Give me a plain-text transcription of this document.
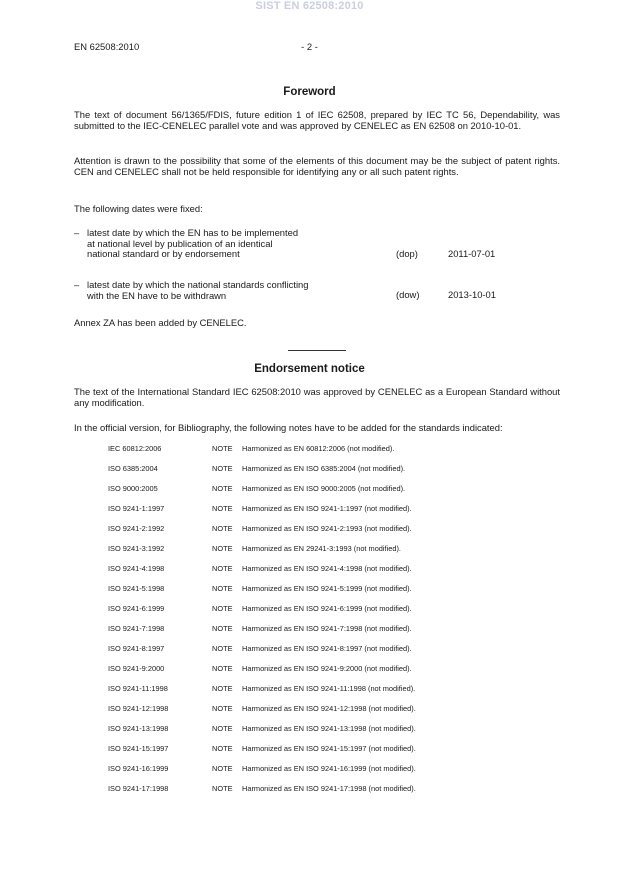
SIST EN 62508:2010
EN 62508:2010	- 2 -
Foreword
The text of document 56/1365/FDIS, future edition 1 of IEC 62508, prepared by IEC TC 56, Dependability, was submitted to the IEC-CENELEC parallel vote and was approved by CENELEC as EN 62508 on 2010-10-01.
Attention is drawn to the possibility that some of the elements of this document may be the subject of patent rights. CEN and CENELEC shall not be held responsible for identifying any or all such patent rights.
The following dates were fixed:
– latest date by which the EN has to be implemented
at national level by publication of an identical
national standard or by endorsement	(dop)	2011-07-01
– latest date by which the national standards conflicting
with the EN have to be withdrawn	(dow)	2013-10-01
Annex ZA has been added by CENELEC.
Endorsement notice
The text of the International Standard IEC 62508:2010 was approved by CENELEC as a European Standard without any modification.
In the official version, for Bibliography, the following notes have to be added for the standards indicated:
IEC 60812:2006	NOTE Harmonized as EN 60812:2006 (not modified).
ISO 6385:2004	NOTE Harmonized as EN ISO 6385:2004 (not modified).
ISO 9000:2005	NOTE Harmonized as EN ISO 9000:2005 (not modified).
ISO 9241-1:1997	NOTE Harmonized as EN ISO 9241-1:1997 (not modified).
ISO 9241-2:1992	NOTE Harmonized as EN ISO 9241-2:1993 (not modified).
ISO 9241-3:1992	NOTE Harmonized as EN 29241-3:1993 (not modified).
ISO 9241-4:1998	NOTE Harmonized as EN ISO 9241-4:1998 (not modified).
ISO 9241-5:1998	NOTE Harmonized as EN ISO 9241-5:1999 (not modified).
ISO 9241-6:1999	NOTE Harmonized as EN ISO 9241-6:1999 (not modified).
ISO 9241-7:1998	NOTE Harmonized as EN ISO 9241-7:1998 (not modified).
ISO 9241-8:1997	NOTE Harmonized as EN ISO 9241-8:1997 (not modified).
ISO 9241-9:2000	NOTE Harmonized as EN ISO 9241-9:2000 (not modified).
ISO 9241-11:1998	NOTE Harmonized as EN ISO 9241-11:1998 (not modified).
ISO 9241-12:1998	NOTE Harmonized as EN ISO 9241-12:1998 (not modified).
ISO 9241-13:1998	NOTE Harmonized as EN ISO 9241-13:1998 (not modified).
ISO 9241-15:1997	NOTE Harmonized as EN ISO 9241-15:1997 (not modified).
ISO 9241-16:1999	NOTE Harmonized as EN ISO 9241-16:1999 (not modified).
ISO 9241-17:1998	NOTE Harmonized as EN ISO 9241-17:1998 (not modified).
